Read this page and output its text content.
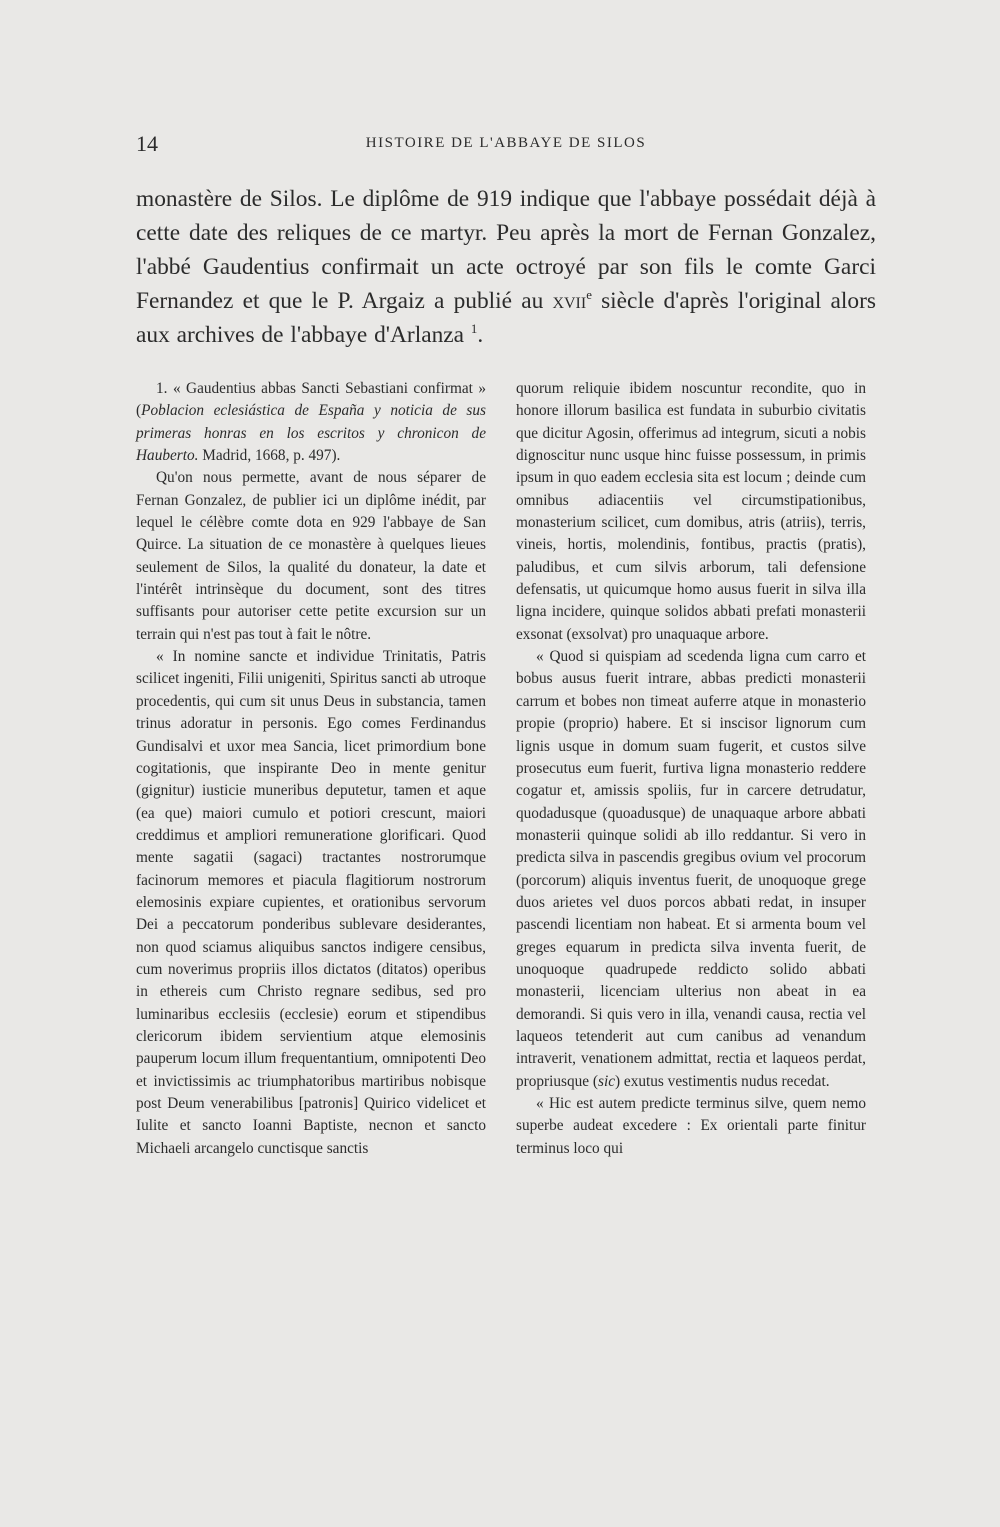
14	HISTOIRE DE L'ABBAYE DE SILOS

monastère de Silos. Le diplôme de 919 indique que l'abbaye possédait déjà à cette date des reliques de ce martyr. Peu après la mort de Fernan Gonzalez, l'abbé Gaudentius confirmait un acte octroyé par son fils le comte Garci Fernandez et que le P. Argaiz a publié au xvii$^e$ siècle d'après l'original alors aux archives de l'abbaye d'Arlanza $^1$.

1. « Gaudentius abbas Sancti Sebastiani confirmat » (Poblacion eclesiástica de España y noticia de sus primeras honras en los escritos y chronicon de Hauberto. Madrid, 1668, p. 497).

Qu'on nous permette, avant de nous séparer de Fernan Gonzalez, de publier ici un diplôme inédit, par lequel le célèbre comte dota en 929 l'abbaye de San Quirce. La situation de ce monastère à quelques lieues seulement de Silos, la qualité du donateur, la date et l'intérêt intrinsèque du document, sont des titres suffisants pour autoriser cette petite excursion sur un terrain qui n'est pas tout à fait le nôtre.

« In nomine sancte et individue Trinitatis, Patris scilicet ingeniti, Filii unigeniti, Spiritus sancti ab utroque procedentis, qui cum sit unus Deus in substancia, tamen trinus adoratur in personis. Ego comes Ferdinandus Gundisalvi et uxor mea Sancia, licet primordium bone cogitationis, que inspirante Deo in mente genitur (gignitur) iusticie muneribus deputetur, tamen et aque (ea que) maiori cumulo et potiori crescunt, maiori creddimus et ampliori remuneratione glorificari. Quod mente sagatii (sagaci) tractantes nostrorumque facinorum memores et piacula flagitiorum nostrorum elemosinis expiare cupientes, et orationibus servorum Dei a peccatorum ponderibus sublevare desiderantes, non quod sciamus aliquibus sanctos indigere censibus, cum noverimus propriis illos dictatos (ditatos) operibus in ethereis cum Christo regnare sedibus, sed pro luminaribus ecclesiis (ecclesie) eorum et stipendibus clericorum ibidem servientium atque elemosinis pauperum locum illum frequentantium, omnipotenti Deo et invictissimis ac triumphatoribus martiribus nobisque post Deum venerabilibus [patronis] Quirico videlicet et Iulite et sancto Ioanni Baptiste, necnon et sancto Michaeli arcangelo cunctisque sanctis

quorum reliquie ibidem noscuntur recondite, quo in honore illorum basilica est fundata in suburbio civitatis que dicitur Agosin, offerimus ad integrum, sicuti a nobis dignoscitur nunc usque hinc fuisse possessum, in primis ipsum in quo eadem ecclesia sita est locum ; deinde cum omnibus adiacentiis vel circumstipationibus, monasterium scilicet, cum domibus, atris (atriis), terris, vineis, hortis, molendinis, fontibus, practis (pratis), paludibus, et cum silvis arborum, tali defensione defensatis, ut quicumque homo ausus fuerit in silva illa ligna incidere, quinque solidos abbati prefati monasterii exsonat (exsolvat) pro unaquaque arbore.

« Quod si quispiam ad scedenda ligna cum carro et bobus ausus fuerit intrare, abbas predicti monasterii carrum et bobes non timeat auferre atque in monasterio propie (proprio) habere. Et si inscisor lignorum cum lignis usque in domum suam fugerit, et custos silve prosecutus eum fuerit, furtiva ligna monasterio reddere cogatur et, amissis spoliis, fur in carcere detrudatur, quodadusque (quoadusque) de unaquaque arbore abbati monasterii quinque solidi ab illo reddantur. Si vero in predicta silva in pascendis gregibus ovium vel procorum (porcorum) aliquis inventus fuerit, de unoquoque grege duos arietes vel duos porcos abbati redat, in insuper pascendi licentiam non habeat. Et si armenta boum vel greges equarum in predicta silva inventa fuerit, de unoquoque quadrupede reddicto solido abbati monasterii, licenciam ulterius non abeat in ea demorandi. Si quis vero in illa, venandi causa, rectia vel laqueos tetenderit aut cum canibus ad venandum intraverit, venationem admittat, rectia et laqueos perdat, propriusque (sic) exutus vestimentis nudus recedat.

« Hic est autem predicte terminus silve, quem nemo superbe audeat excedere : Ex orientali parte finitur terminus loco qui
